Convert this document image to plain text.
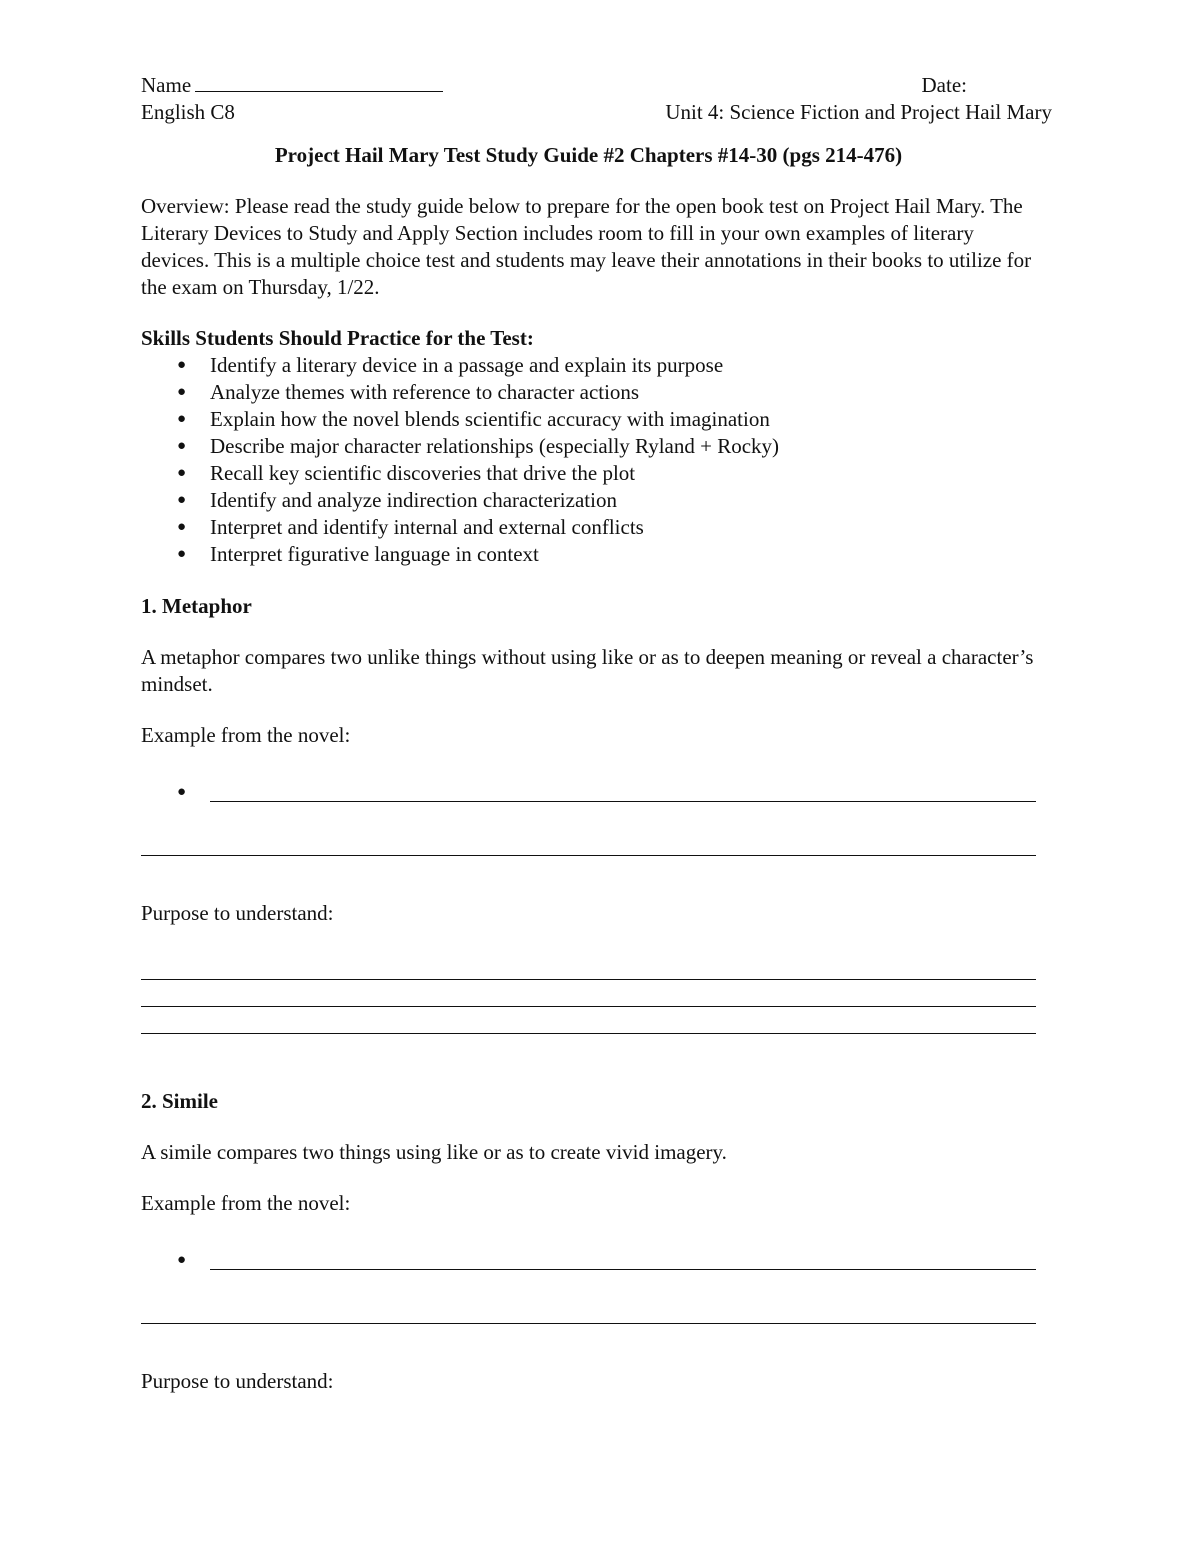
Name	Date:
English C8	Unit 4: Science Fiction and Project Hail Mary
Project Hail Mary Test Study Guide #2 Chapters #14-30 (pgs 214-476)

Overview: Please read the study guide below to prepare for the open book test on Project Hail Mary. The Literary Devices to Study and Apply Section includes room to fill in your own examples of literary devices. This is a multiple choice test and students may leave their annotations in their books to utilize for the exam on Thursday, 1/22.

Skills Students Should Practice for the Test:
● Identify a literary device in a passage and explain its purpose
● Analyze themes with reference to character actions
● Explain how the novel blends scientific accuracy with imagination
● Describe major character relationships (especially Ryland + Rocky)
● Recall key scientific discoveries that drive the plot
● Identify and analyze indirection characterization
● Interpret and identify internal and external conflicts
● Interpret figurative language in context
1. Metaphor

A metaphor compares two unlike things without using like or as to deepen meaning or reveal a character’s mindset.

Example from the novel:

●

Purpose to understand:

2. Simile

A simile compares two things using like or as to create vivid imagery.

Example from the novel:

●

Purpose to understand:
